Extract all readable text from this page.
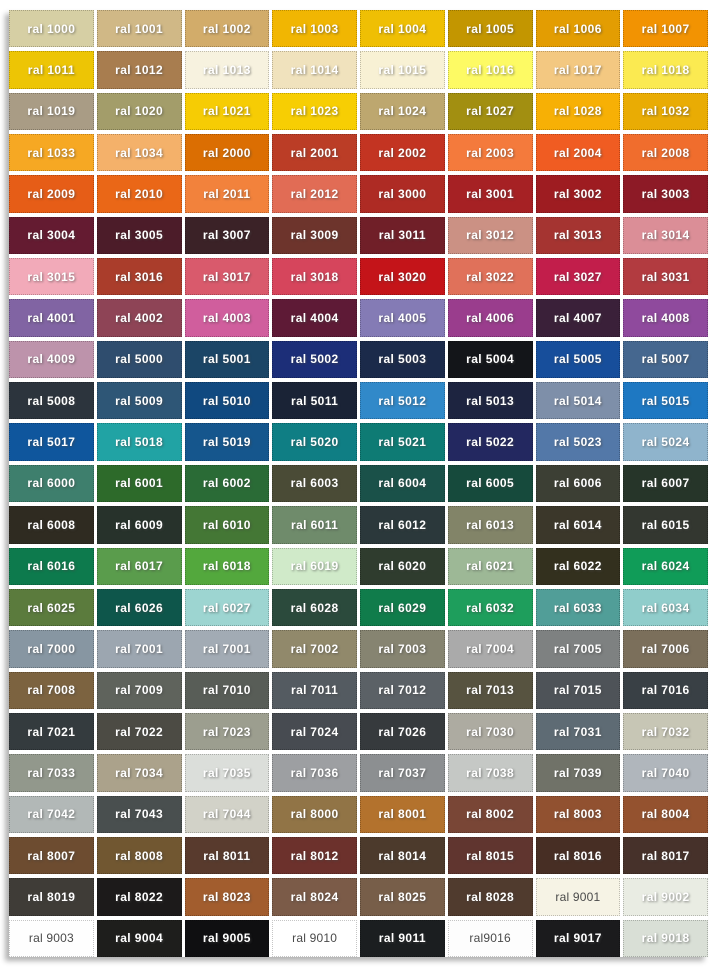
ral 1000	ral 1001	ral 1002	ral 1003	ral 1004	ral 1005	ral 1006	ral 1007
ral 1011	ral 1012	ral 1013	ral 1014	ral 1015	ral 1016	ral 1017	ral 1018
ral 1019	ral 1020	ral 1021	ral 1023	ral 1024	ral 1027	ral 1028	ral 1032
ral 1033	ral 1034	ral 2000	ral 2001	ral 2002	ral 2003	ral 2004	ral 2008
ral 2009	ral 2010	ral 2011	ral 2012	ral 3000	ral 3001	ral 3002	ral 3003
ral 3004	ral 3005	ral 3007	ral 3009	ral 3011	ral 3012	ral 3013	ral 3014
ral 3015	ral 3016	ral 3017	ral 3018	ral 3020	ral 3022	ral 3027	ral 3031
ral 4001	ral 4002	ral 4003	ral 4004	ral 4005	ral 4006	ral 4007	ral 4008
ral 4009	ral 5000	ral 5001	ral 5002	ral 5003	ral 5004	ral 5005	ral 5007
ral 5008	ral 5009	ral 5010	ral 5011	ral 5012	ral 5013	ral 5014	ral 5015
ral 5017	ral 5018	ral 5019	ral 5020	ral 5021	ral 5022	ral 5023	ral 5024
ral 6000	ral 6001	ral 6002	ral 6003	ral 6004	ral 6005	ral 6006	ral 6007
ral 6008	ral 6009	ral 6010	ral 6011	ral 6012	ral 6013	ral 6014	ral 6015
ral 6016	ral 6017	ral 6018	ral 6019	ral 6020	ral 6021	ral 6022	ral 6024
ral 6025	ral 6026	ral 6027	ral 6028	ral 6029	ral 6032	ral 6033	ral 6034
ral 7000	ral 7001	ral 7001	ral 7002	ral 7003	ral 7004	ral 7005	ral 7006
ral 7008	ral 7009	ral 7010	ral 7011	ral 7012	ral 7013	ral 7015	ral 7016
ral 7021	ral 7022	ral 7023	ral 7024	ral 7026	ral 7030	ral 7031	ral 7032
ral 7033	ral 7034	ral 7035	ral 7036	ral 7037	ral 7038	ral 7039	ral 7040
ral 7042	ral 7043	ral 7044	ral 8000	ral 8001	ral 8002	ral 8003	ral 8004
ral 8007	ral 8008	ral 8011	ral 8012	ral 8014	ral 8015	ral 8016	ral 8017
ral 8019	ral 8022	ral 8023	ral 8024	ral 8025	ral 8028	ral 9001	ral 9002
ral 9003	ral 9004	ral 9005	ral 9010	ral 9011	ral9016	ral 9017	ral 9018
